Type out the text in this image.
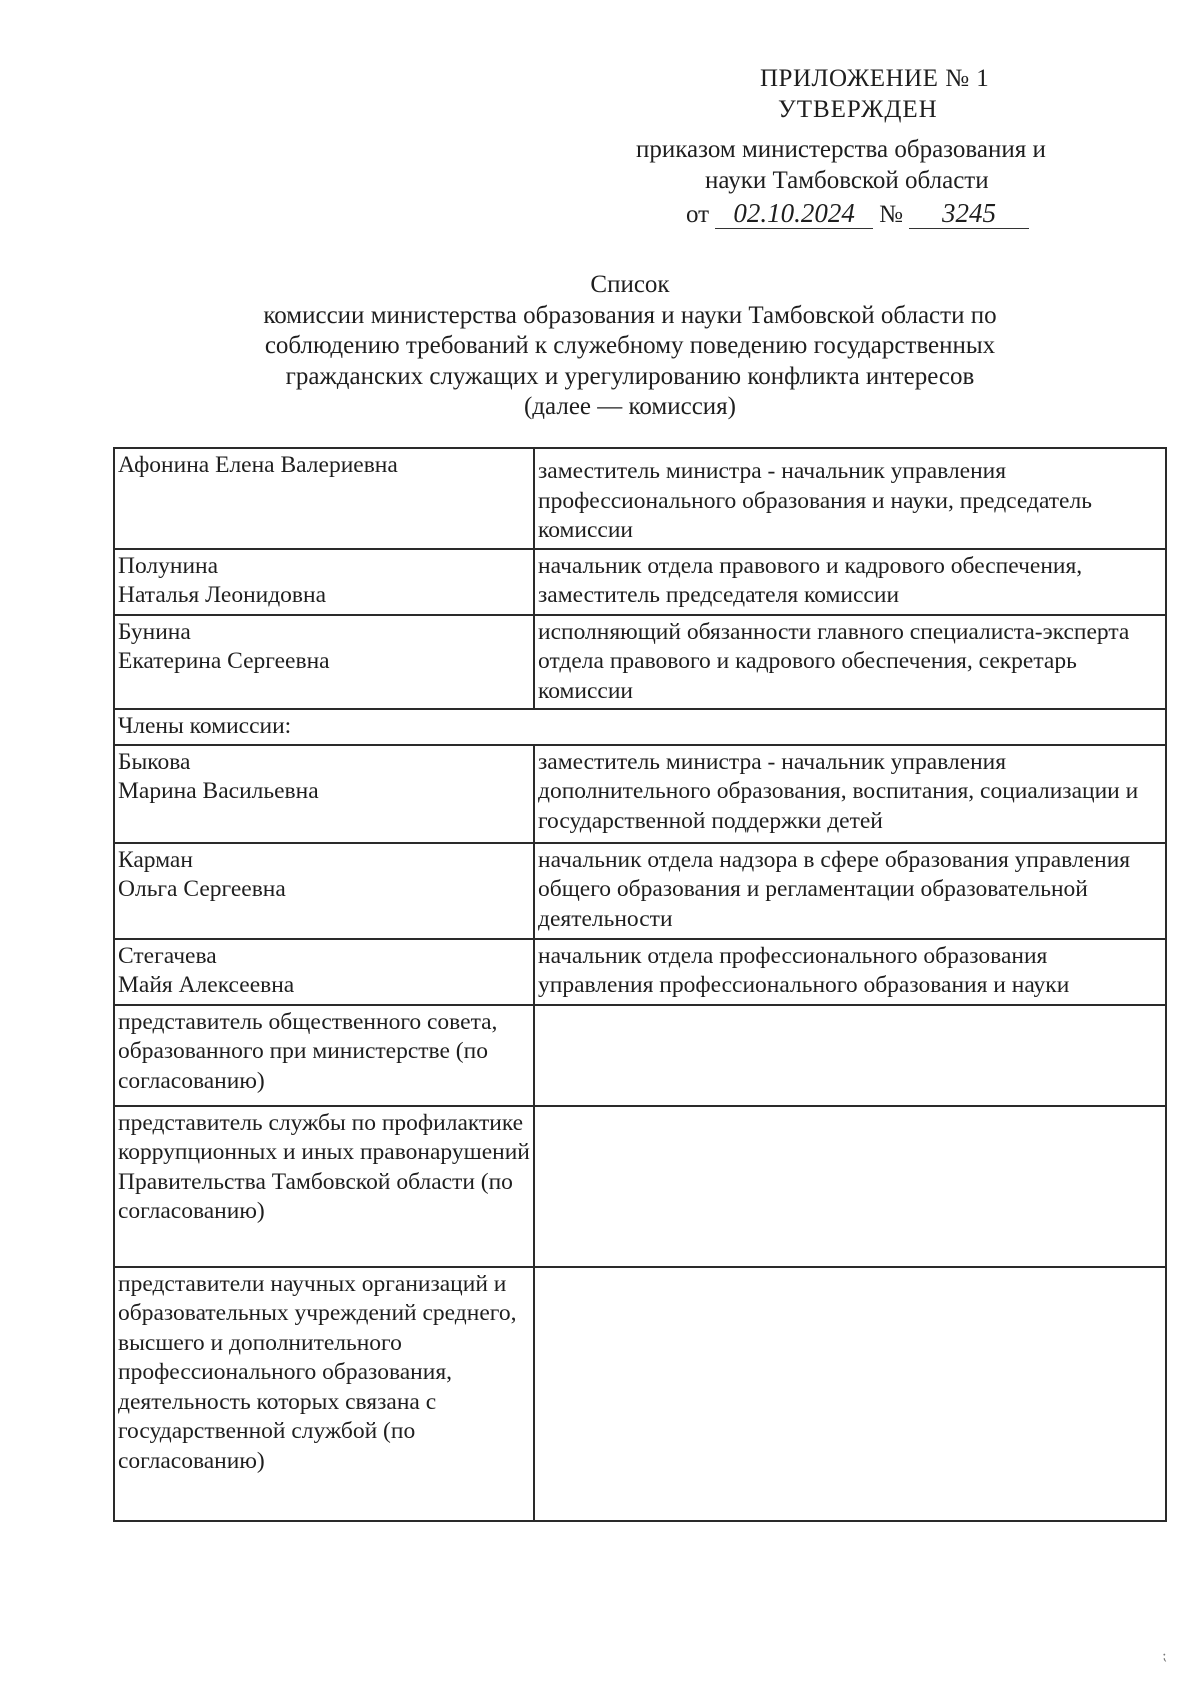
ПРИЛОЖЕНИЕ № 1
УТВЕРЖДЕН
приказом министерства образования и
науки Тамбовской области
от 02.10.2024 № 3245
Список
комиссии министерства образования и науки Тамбовской области по
соблюдению требований к служебному поведению государственных
гражданских служащих и урегулированию конфликта интересов
(далее — комиссия)
Афонина Елена Валериевна	заместитель министра - начальник управления профессионального образования и науки, председатель комиссии

Полунина
Наталья Леонидовна	начальник отдела правового и кадрового обеспечения, заместитель председателя комиссии

Бунина
Екатерина Сергеевна	исполняющий обязанности главного специалиста-эксперта отдела правового и кадрового обеспечения, секретарь комиссии
Члены комиссии:	

Быкова
Марина Васильевна	заместитель министра - начальник управления дополнительного образования, воспитания, социализации и государственной поддержки детей

Карман
Ольга Сергеевна	начальник отдела надзора в сфере образования управления общего образования и регламентации образовательной деятельности

Стегачева
Майя Алексеевна	начальник отдела профессионального образования управления профессионального образования и науки
представитель общественного совета, образованного при министерстве (по согласованию)	
представитель службы по профилактике коррупционных и иных правонарушений Правительства Тамбовской области (по согласованию)	
представители научных организаций и образовательных учреждений среднего, высшего и дополнительного профессионального образования, деятельность которых связана с государственной службой (по согласованию)	
⁏
